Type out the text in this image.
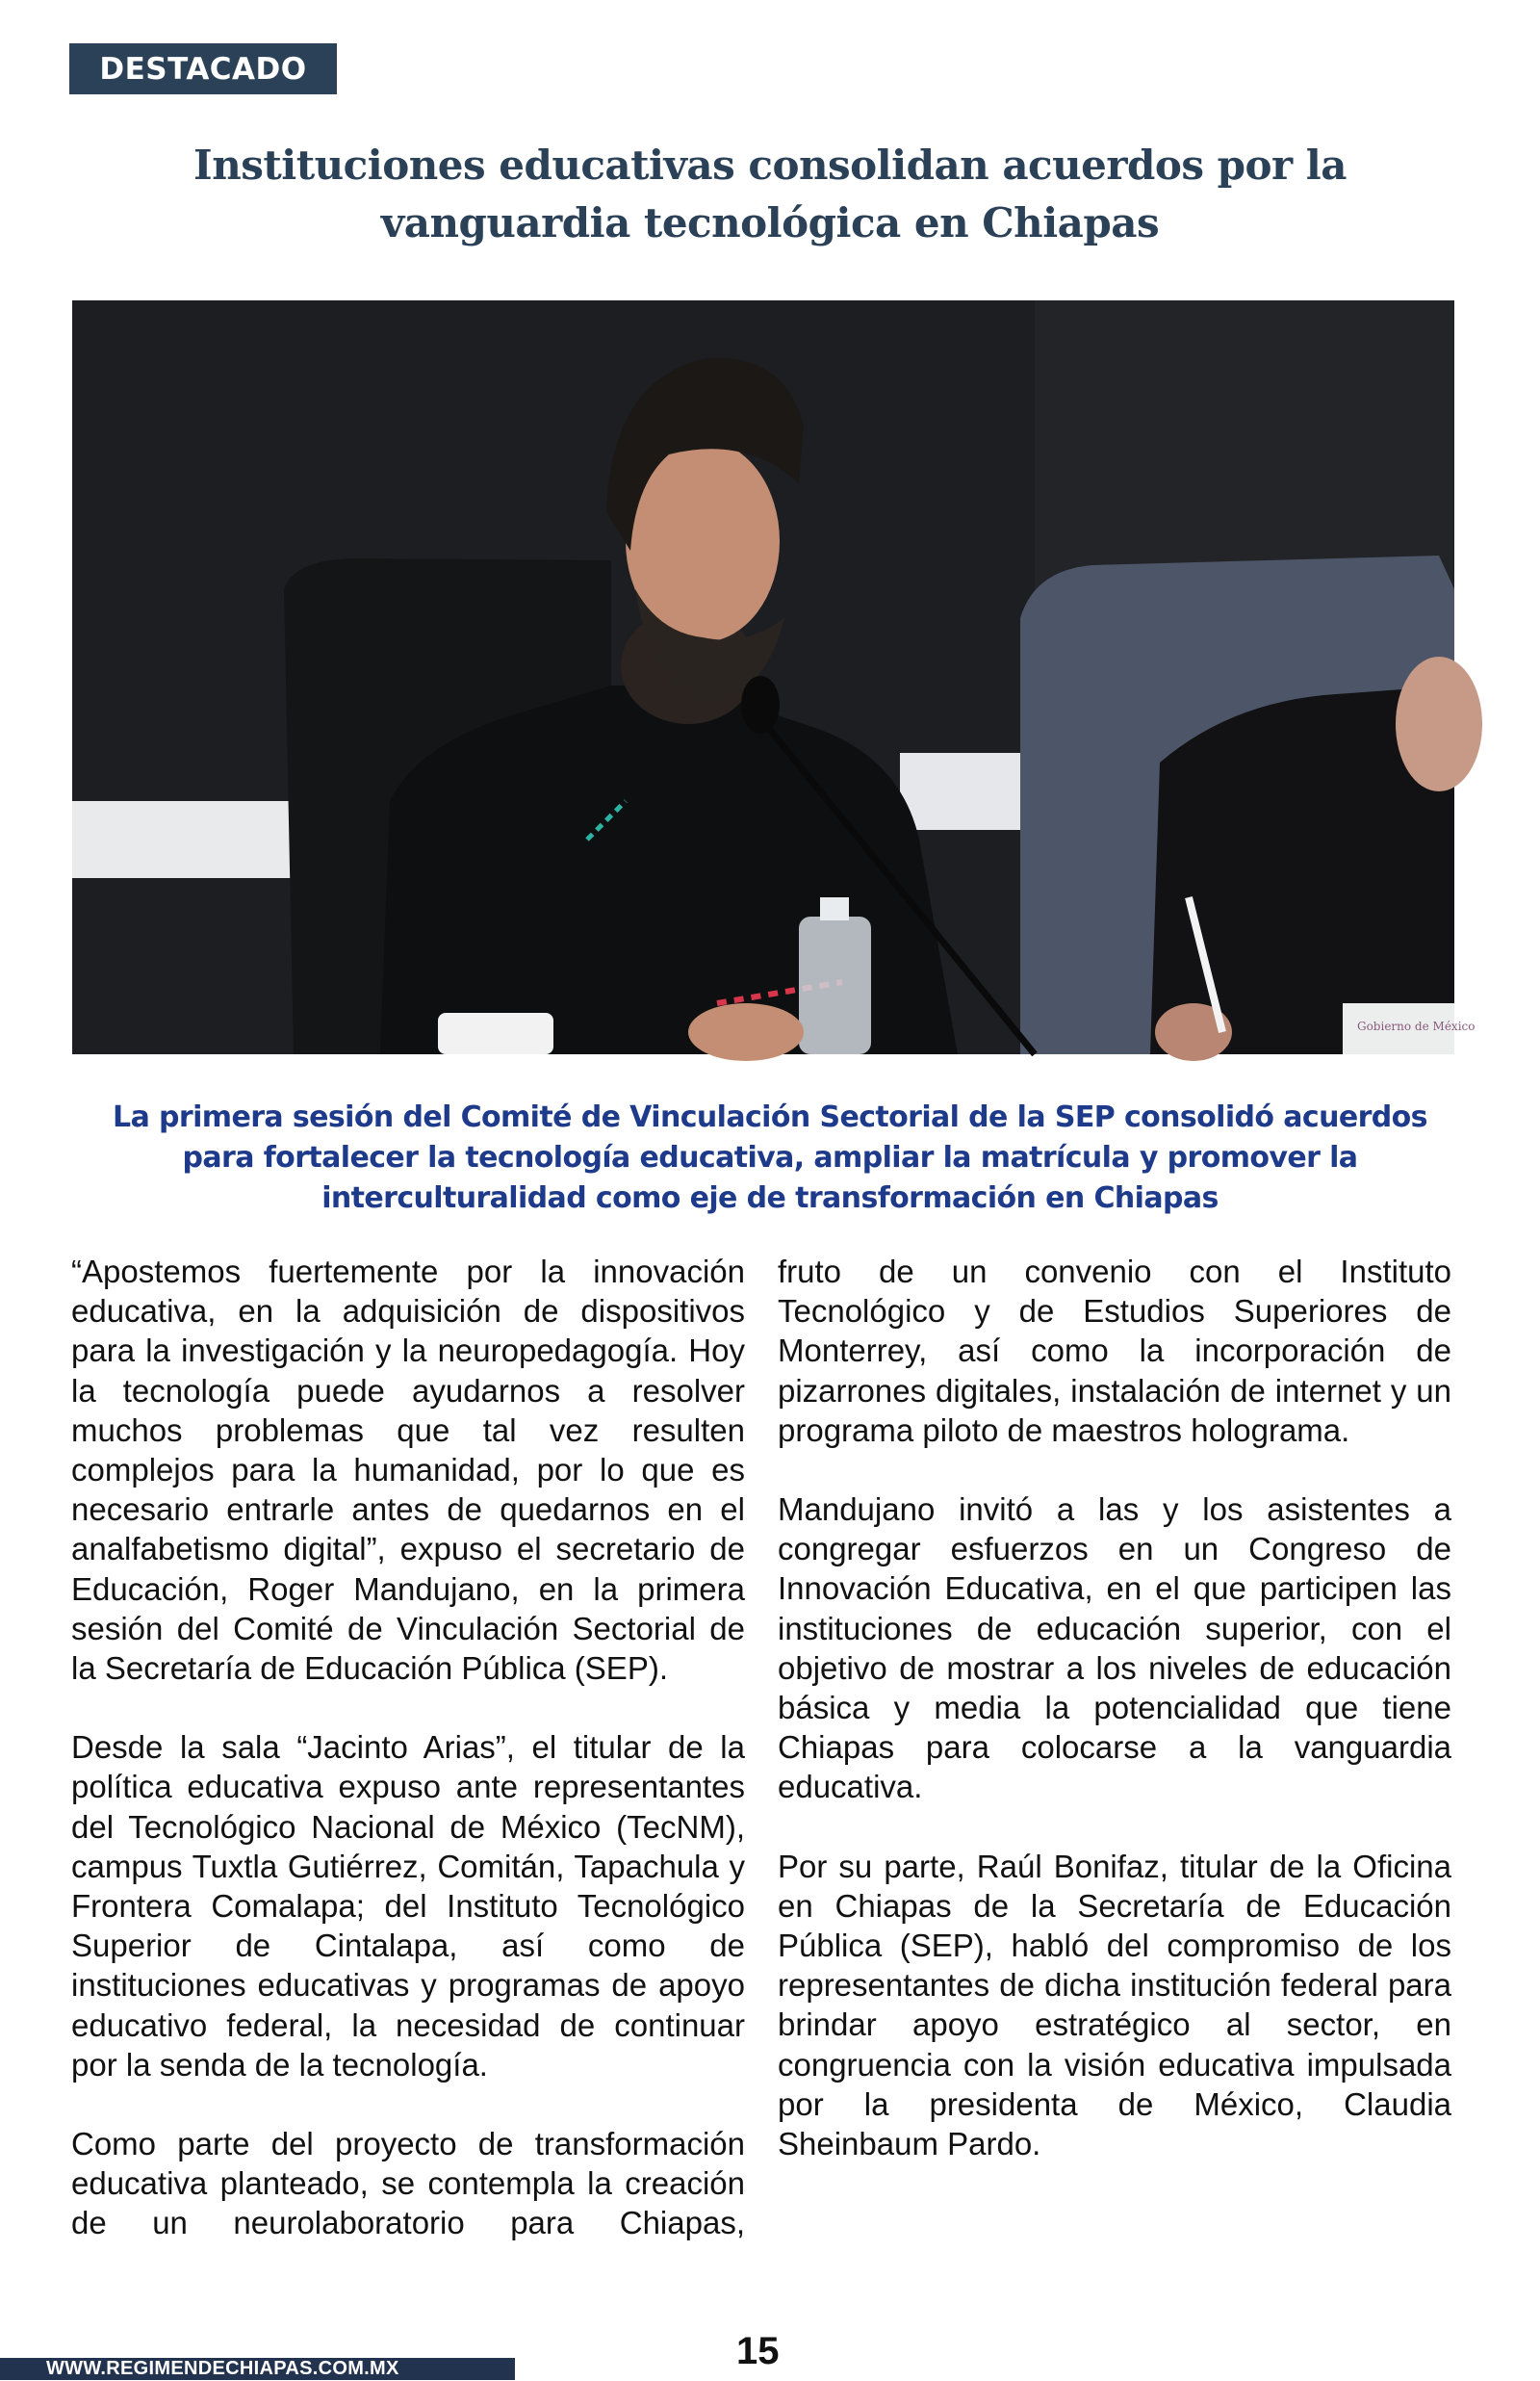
DESTACADO
Instituciones educativas consolidan acuerdos por la
vanguardia tecnológica en Chiapas
Gobierno de México
La primera sesión del Comité de Vinculación Sectorial de la SEP consolidó acuerdos para fortalecer la tecnología educativa, ampliar la matrícula y promover la interculturalidad como eje de transformación en Chiapas

“Apostemos fuertemente por la innovación educativa, en la adquisición de dispositivos para la investigación y la neuropedagogía. Hoy la tecnología puede ayudarnos a resolver muchos problemas que tal vez resulten complejos para la humanidad, por lo que es necesario entrarle antes de quedarnos en el analfabetismo digital”, expuso el secretario de Educación, Roger Mandujano, en la primera sesión del Comité de Vinculación Sectorial de la Secretaría de Educación Pública (SEP).

Desde la sala “Jacinto Arias”, el titular de la política educativa expuso ante representantes del Tecnológico Nacional de México (TecNM), campus Tuxtla Gutiérrez, Comitán, Tapachula y Frontera Comalapa; del Instituto Tecnológico Superior de Cintalapa, así como de instituciones educativas y programas de apoyo educativo federal, la necesidad de continuar por la senda de la tecnología.

Como parte del proyecto de transformación educativa planteado, se contempla la creación de un neurolaboratorio para Chiapas,

fruto de un convenio con el Instituto Tecnológico y de Estudios Superiores de Monterrey, así como la incorporación de pizarrones digitales, instalación de internet y un programa piloto de maestros holograma.

Mandujano invitó a las y los asistentes a congregar esfuerzos en un Congreso de Innovación Educativa, en el que participen las instituciones de educación superior, con el objetivo de mostrar a los niveles de educación básica y media la potencialidad que tiene Chiapas para colocarse a la vanguardia educativa.

Por su parte, Raúl Bonifaz, titular de la Oficina en Chiapas de la Secretaría de Educación Pública (SEP), habló del compromiso de los representantes de dicha institución federal para brindar apoyo estratégico al sector, en congruencia con la visión educativa impulsada por la presidenta de México, Claudia Sheinbaum Pardo.

15
WWW.REGIMENDECHIAPAS.COM.MX
